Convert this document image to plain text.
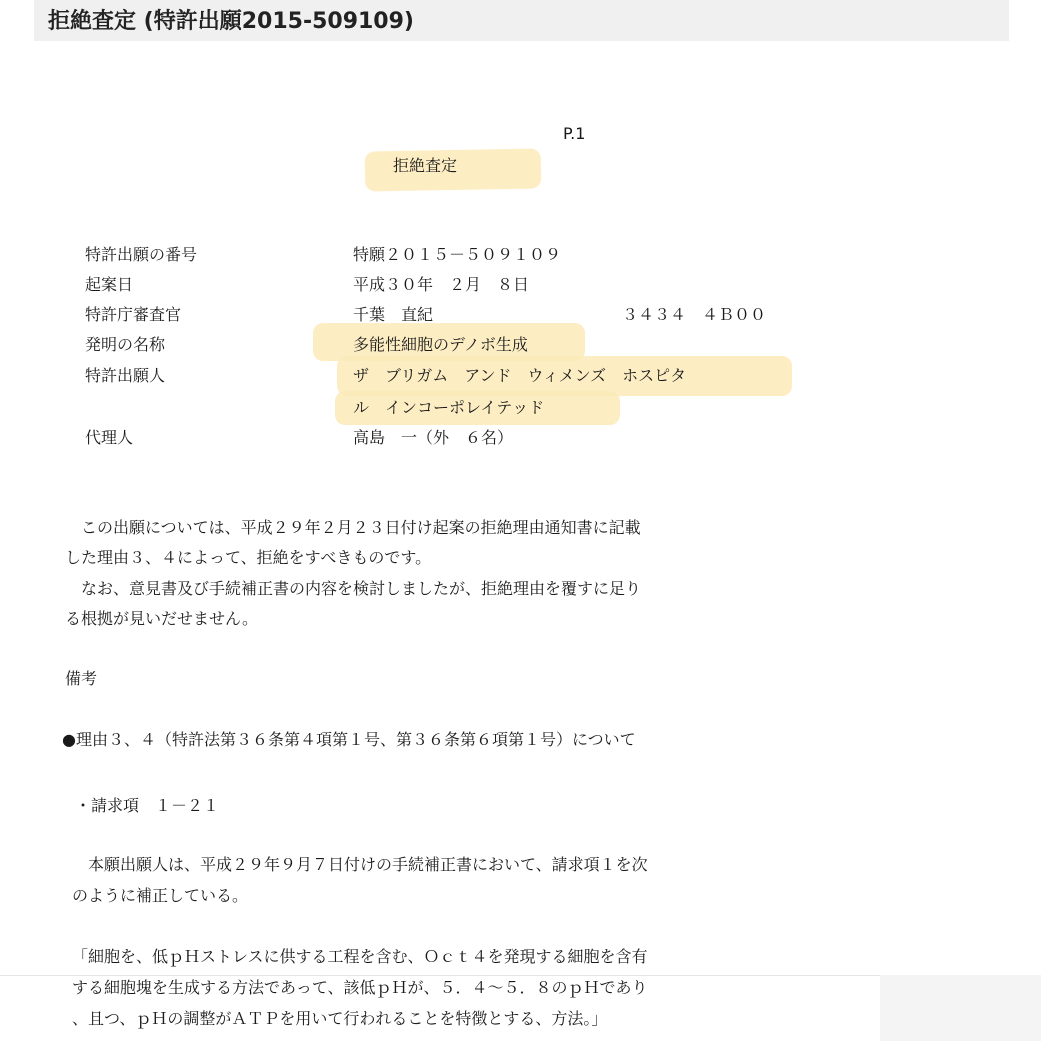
拒絶査定 (特許出願2015-509109)
P.1
拒絶査定
特許出願の番号	特願２０１５－５０９１０９
起案日	平成３０年　２月　８日
特許庁審査官	千葉　直紀	３４３４　４Ｂ００
発明の名称	多能性細胞のデノボ生成
特許出願人	ザ　ブリガム　アンド　ウィメンズ　ホスピタ
ル　インコーポレイテッド
代理人	高島　一（外　６名）
　この出願については、平成２９年２月２３日付け起案の拒絶理由通知書に記載
した理由３、４によって、拒絶をすべきものです。
　なお、意見書及び手続補正書の内容を検討しましたが、拒絶理由を覆すに足り
る根拠が見いだせません。
備考
●理由３、４（特許法第３６条第４項第１号、第３６条第６項第１号）について
・請求項　１－２１
　本願出願人は、平成２９年９月７日付けの手続補正書において、請求項１を次
のように補正している。
「細胞を、低ｐＨストレスに供する工程を含む、Ｏｃｔ４を発現する細胞を含有
する細胞塊を生成する方法であって、該低ｐＨが、５．４～５．８のｐＨであり
、且つ、ｐＨの調整がＡＴＰを用いて行われることを特徴とする、方法。」
